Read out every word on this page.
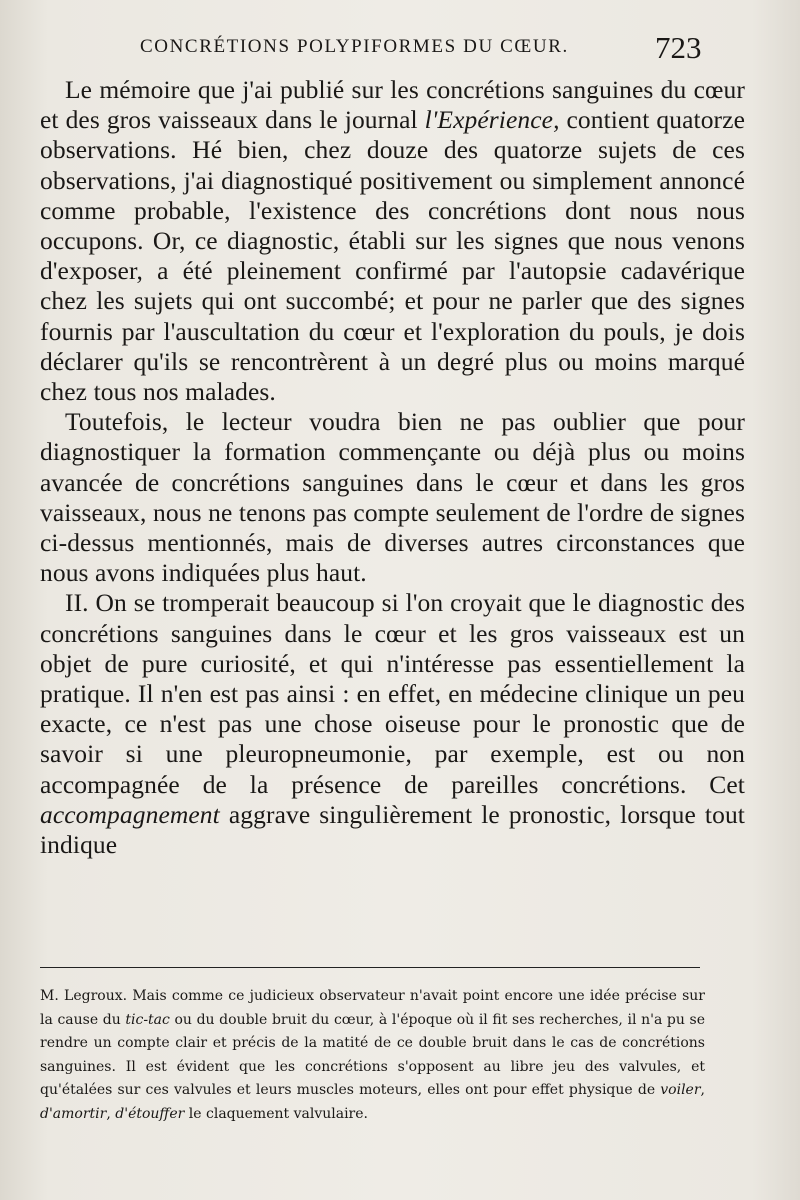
CONCRÉTIONS POLYPIFORMES DU CŒUR.	723

Le mémoire que j'ai publié sur les concrétions sanguines du cœur et des gros vaisseaux dans le journal l'Expérience, contient quatorze observations. Hé bien, chez douze des quatorze sujets de ces observations, j'ai diagnostiqué positivement ou simplement annoncé comme probable, l'existence des concrétions dont nous nous occupons. Or, ce diagnostic, établi sur les signes que nous venons d'exposer, a été pleinement confirmé par l'autopsie cadavérique chez les sujets qui ont succombé; et pour ne parler que des signes fournis par l'auscultation du cœur et l'exploration du pouls, je dois déclarer qu'ils se rencontrèrent à un degré plus ou moins marqué chez tous nos malades.

Toutefois, le lecteur voudra bien ne pas oublier que pour diagnostiquer la formation commençante ou déjà plus ou moins avancée de concrétions sanguines dans le cœur et dans les gros vaisseaux, nous ne tenons pas compte seulement de l'ordre de signes ci-dessus mentionnés, mais de diverses autres circonstances que nous avons indiquées plus haut.

II. On se tromperait beaucoup si l'on croyait que le diagnostic des concrétions sanguines dans le cœur et les gros vaisseaux est un objet de pure curiosité, et qui n'intéresse pas essentiellement la pratique. Il n'en est pas ainsi : en effet, en médecine clinique un peu exacte, ce n'est pas une chose oiseuse pour le pronostic que de savoir si une pleuropneumonie, par exemple, est ou non accompagnée de la présence de pareilles concrétions. Cet accompagnement aggrave singulièrement le pronostic, lorsque tout indique

M. Legroux. Mais comme ce judicieux observateur n'avait point encore une idée précise sur la cause du tic-tac ou du double bruit du cœur, à l'époque où il fit ses recherches, il n'a pu se rendre un compte clair et précis de la matité de ce double bruit dans le cas de concrétions sanguines. Il est évident que les concrétions s'opposent au libre jeu des valvules, et qu'étalées sur ces valvules et leurs muscles moteurs, elles ont pour effet physique de voiler, d'amortir, d'étouffer le claquement valvulaire.
